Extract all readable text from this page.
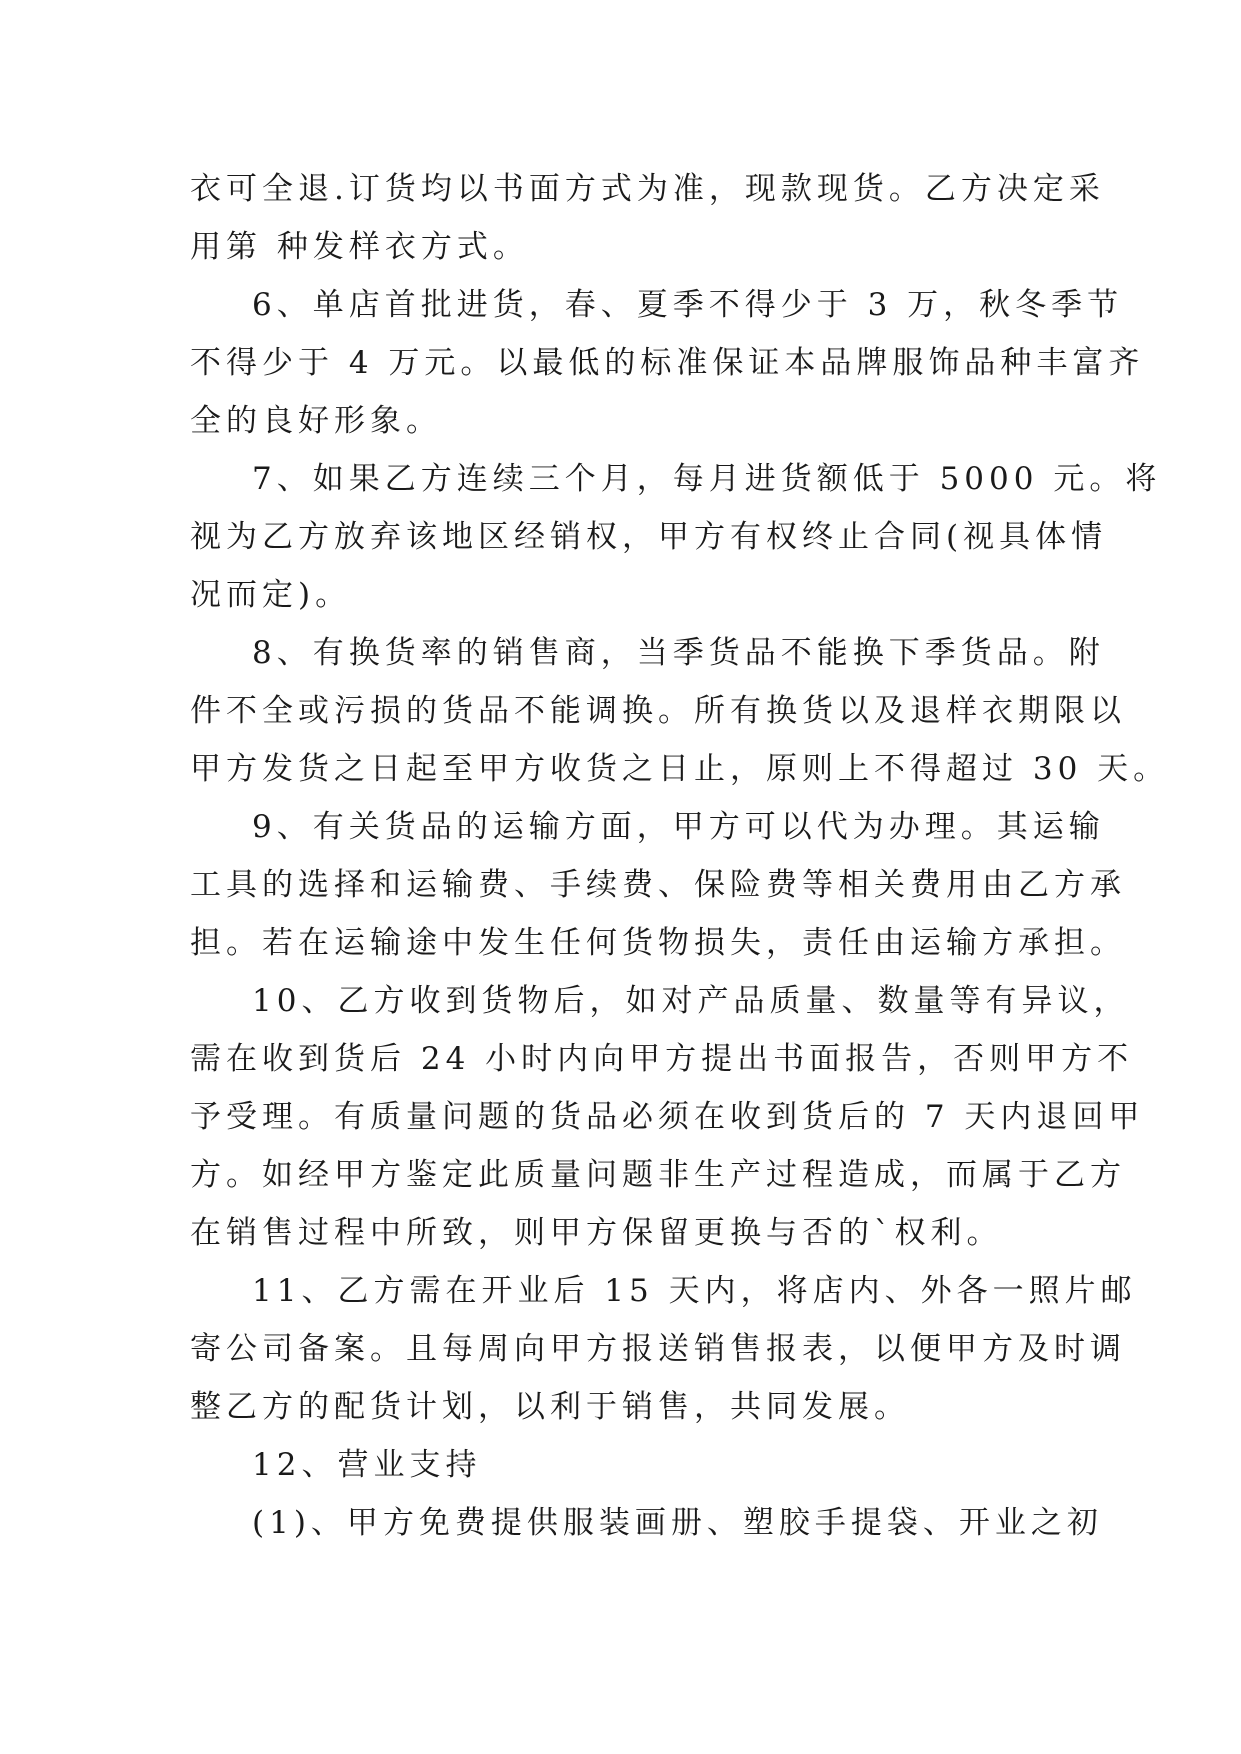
衣可全退.订货均以书面方式为准，现款现货。乙方决定采
用第 种发样衣方式。
6、单店首批进货，春、夏季不得少于 3 万，秋冬季节
不得少于 4 万元。以最低的标准保证本品牌服饰品种丰富齐
全的良好形象。
7、如果乙方连续三个月，每月进货额低于 5000 元。将
视为乙方放弃该地区经销权，甲方有权终止合同(视具体情
况而定)。
8、有换货率的销售商，当季货品不能换下季货品。附
件不全或污损的货品不能调换。所有换货以及退样衣期限以
甲方发货之日起至甲方收货之日止，原则上不得超过 30 天。
9、有关货品的运输方面，甲方可以代为办理。其运输
工具的选择和运输费、手续费、保险费等相关费用由乙方承
担。若在运输途中发生任何货物损失，责任由运输方承担。
10、乙方收到货物后，如对产品质量、数量等有异议，
需在收到货后 24 小时内向甲方提出书面报告，否则甲方不
予受理。有质量问题的货品必须在收到货后的 7 天内退回甲
方。如经甲方鉴定此质量问题非生产过程造成，而属于乙方
在销售过程中所致，则甲方保留更换与否的`权利。
11、乙方需在开业后 15 天内，将店内、外各一照片邮
寄公司备案。且每周向甲方报送销售报表，以便甲方及时调
整乙方的配货计划，以利于销售，共同发展。
12、营业支持
(1)、甲方免费提供服装画册、塑胶手提袋、开业之初
